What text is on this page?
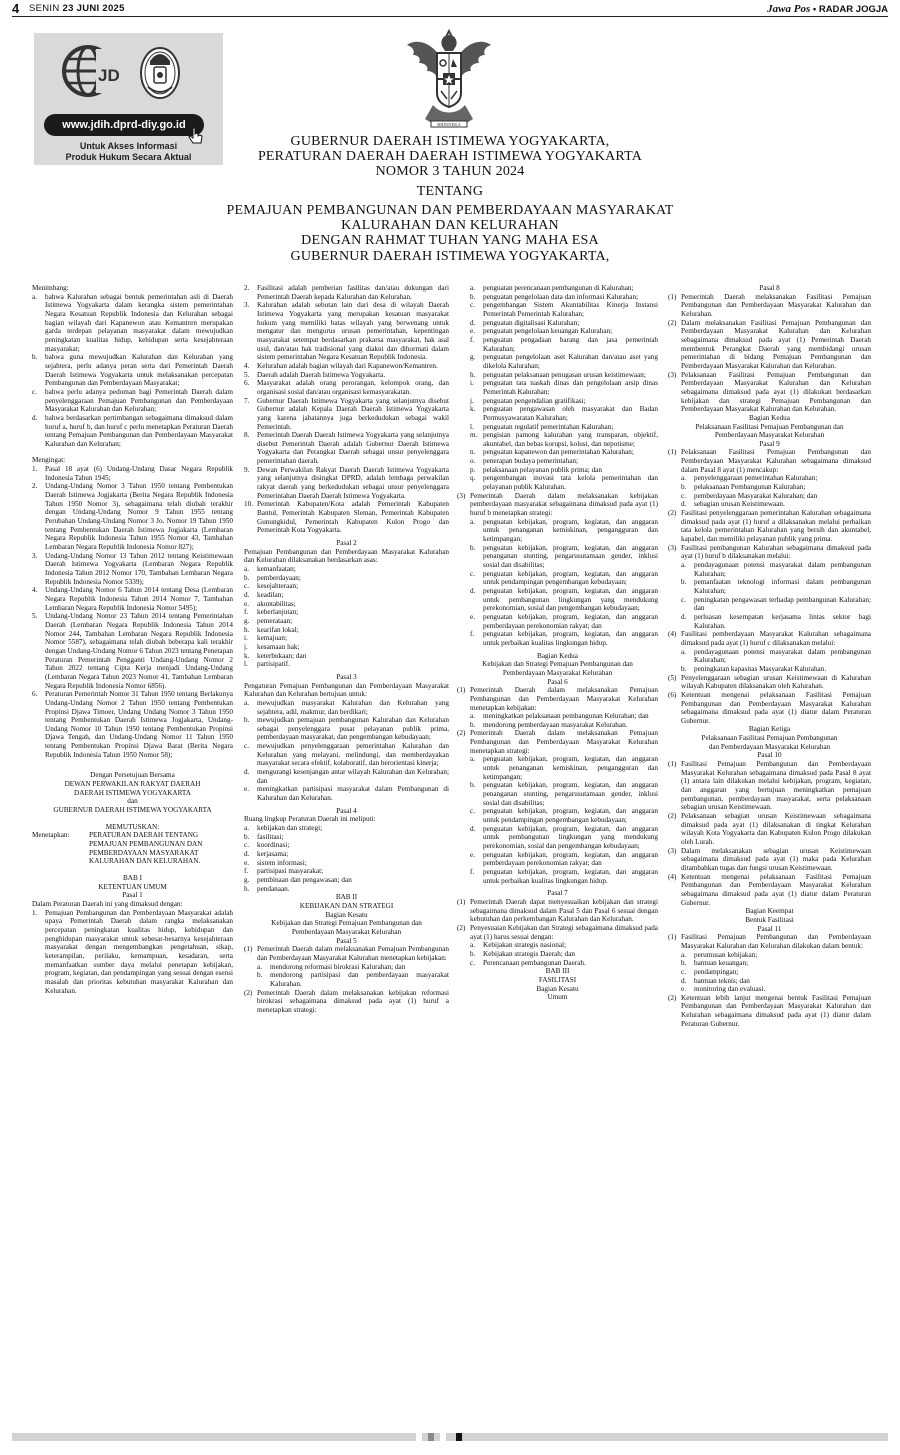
4 SENIN 23 JUNI 2025	Jawa Pos • RADAR JOGJA
JD
www.jdih.dprd-diy.go.id
Untuk Akses Informasi
Produk Hukum Secara Aktual
BHINNEKA
GUBERNUR DAERAH ISTIMEWA YOGYAKARTA,
PERATURAN DAERAH DAERAH ISTIMEWA YOGYAKARTA
NOMOR 3 TAHUN 2024
TENTANG
PEMAJUAN PEMBANGUNAN DAN PEMBERDAYAAN MASYARAKAT
KALURAHAN DAN KELURAHAN
DENGAN RAHMAT TUHAN YANG MAHA ESA
GUBERNUR DAERAH ISTIMEWA YOGYAKARTA,

Menimbang:

a. bahwa Kalurahan sebagai bentuk pemerintahan asli di Daerah Istimewa Yogyakarta dalam kerangka sistem pemerintahan Negara Kesatuan Republik Indonesia dan Kelurahan sebagai bagian wilayah dari Kapanewon atau Kemantren merupakan garda terdepan pelayanan masyarakat dalam mewujudkan peningkatan kualitas hidup, kehidupan serta kesejahteraan masyarakat;
b. bahwa guna mewujudkan Kalurahan dan Kelurahan yang sejahtera, perlu adanya peran serta dari Pemerintah Daerah Daerah Istimewa Yogyakarta untuk melaksanakan percepatan Pembangunan dan Pemberdayaan Masyarakat;
c. bahwa perlu adanya pedoman bagi Pemerintah Daerah dalam penyelenggaraan Pemajuan Pembangunan dan Pemberdayaan Masyarakat Kalurahan dan Kelurahan;
d. bahwa berdasarkan pertimbangan sebagaimana dimaksud dalam huruf a, huruf b, dan huruf c perlu menetapkan Peraturan Daerah tentang Pemajuan Pembangunan dan Pemberdayaan Masyarakat Kalurahan dan Kelurahan;

Mengingat:

1. Pasal 18 ayat (6) Undang-Undang Dasar Negara Republik Indonesia Tahun 1945;
2. Undang-Undang Nomor 3 Tahun 1950 tentang Pembentukan Daerah Istimewa Jogjakarta (Berita Negara Republik Indonesia Tahun 1950 Nomor 3), sebagaimana telah diubah terakhir dengan Undang-Undang Nomor 9 Tahun 1955 tentang Perubahan Undang-Undang Nomor 3 Jo. Nomor 19 Tahun 1950 tentang Pembentukan Daerah Istimewa Jogjakarta (Lembaran Negara Republik Indonesia Tahun 1955 Nomor 43, Tambahan Lembaran Negara Republik Indonesia Nomor 827);
3. Undang-Undang Nomor 13 Tahun 2012 tentang Keistimewaan Daerah Istimewa Yogyakarta (Lembaran Negara Republik Indonesia Tahun 2012 Nomor 170, Tambahan Lembaran Negara Republik Indonesia Nomor 5339);
4. Undang-Undang Nomor 6 Tahun 2014 tentang Desa (Lembaran Negara Republik Indonesia Tahun 2014 Nomor 7, Tambahan Lembaran Negara Republik Indonesia Nomor 5495);
5. Undang-Undang Nomor 23 Tahun 2014 tentang Pemerintahan Daerah (Lembaran Negara Republik Indonesia Tahun 2014 Nomor 244, Tambahan Lembaran Negara Republik Indonesia Nomor 5587), sebagaimana telah diubah beberapa kali terakhir dengan Undang-Undang Nomor 6 Tahun 2023 tentang Penetapan Peraturan Pemerintah Pengganti Undang-Undang Nomor 2 Tahun 2022 tentang Cipta Kerja menjadi Undang-Undang (Lembaran Negara Tahun 2023 Nomor 41, Tambahan Lembaran Negara Republik Indonesia Nomor 6856).
6. Peraturan Pemerintah Nomor 31 Tahun 1950 tentang Berlakunya Undang-Undang Nomor 2 Tahun 1950 tentang Pembentukan Propinsi Djawa Timoer, Undang Undang Nomor 3 Tahun 1950 tentang Pembentukan Daerah Istimewa Jogjakarta, Undang-Undang Nomor 10 Tahun 1950 tentang Pembentukan Propinsi Djawa Tengah, dan Undang-Undang Nomor 11 Tahun 1950 tentang Pembentukan Propinsi Djawa Barat (Berita Negara Republik Indonesia Tahun 1950 Nomor 58);

Dengan Persetujuan Bersama

DEWAN PERWAKILAN RAKYAT DAERAH

DAERAH ISTIMEWA YOGYAKARTA

dan

GUBERNUR DAERAH ISTIMEWA YOGYAKARTA

MEMUTUSKAN:

Menetapkan:	PERATURAN DAERAH TENTANG PEMAJUAN PEMBANGUNAN DAN PEMBERDAYAAN MASYARAKAT KALURAHAN DAN KELURAHAN.

BAB I

KETENTUAN UMUM

Pasal 1

Dalam Peraturan Daerah ini yang dimaksud dengan:

1. Pemajuan Pembangunan dan Pemberdayaan Masyarakat adalah upaya Pemerintah Daerah dalam rangka melaksanakan percepatan peningkatan kualitas hidup, kehidupan dan penghidupan masyarakat untuk sebesar-besarnya kesejahteraan masyarakat dengan mengembangkan pengetahuan, sikap, keterampilan, perilaku, kemampuan, kesadaran, serta memanfaatkan sumber daya melalui penetapan kebijakan, program, kegiatan, dan pendampingan yang sesuai dengan esensi masalah dan prioritas kebutuhan masyarakat Kalurahan dan Kelurahan.
2. Fasilitasi adalah pemberian fasilitas dan/atau dukungan dari Pemerintah Daerah kepada Kalurahan dan Kelurahan.
3. Kalurahan adalah sebutan lain dari desa di wilayah Daerah Istimewa Yogyakarta yang merupakan kesatuan masyarakat hukum yang memiliki batas wilayah yang berwenang untuk mengatur dan mengurus urusan pemerintahan, kepentingan masyarakat setempat berdasarkan prakarsa masyarakat, hak asal usul, dan/atau hak tradisional yang diakui dan dihormati dalam sistem pemerintahan Negara Kesatuan Republik Indonesia.
4. Kelurahan adalah bagian wilayah dari Kapanewon/Kemantren.
5. Daerah adalah Daerah Istimewa Yogyakarta.
6. Masyarakat adalah orang perorangan, kelompok orang, dan organisasi sosial dan/atau organisasi kemasyarakatan.
7. Gubernur Daerah Istimewa Yogyakarta yang selanjutnya disebut Gubernur adalah Kepala Daerah Daerah Istimewa Yogyakarta yang karena jabatannya juga berkedudukan sebagai wakil Pemerintah.
8. Pemerintah Daerah Daerah Istimewa Yogyakarta yang selanjutnya disebut Pemerintah Daerah adalah Gubernur Daerah Istimewa Yogyakarta dan Perangkat Daerah sebagai unsur penyelenggara pemerintahan daerah.
9. Dewan Perwakilan Rakyat Daerah Daerah Istimewa Yogyakarta yang selanjutnya disingkat DPRD, adalah lembaga perwakilan rakyat daerah yang berkedudukan sebagai unsur penyelenggara Pemerintahan Daerah Daerah Istimewa Yogyakarta.
10. Pemerintah Kabupaten/Kota adalah Pemerintah Kabupaten Bantul, Pemerintah Kabupaten Sleman, Pemerintah Kabupaten Gunungkidul, Pemerintah Kabupaten Kulon Progo dan Pemerintah Kota Yogyakarta.

Pasal 2

Pemajuan Pembangunan dan Pemberdayaan Masyarakat Kalurahan dan Kelurahan dilaksanakan berdasarkan asas:

a. kemanfaatan;
b. pemberdayaan;
c. kesejahteraan;
d. keadilan;
e. akuntabilitas;
f. keberlanjutan;
g. pemerataan;
h. kearifan lokal;
i. kemajuan;
j. kesamaan hak;
k. keterbukaan; dan
l. partisipatif.

Pasal 3

Pengaturan Pemajuan Pembangunan dan Pemberdayaan Masyarakat Kalurahan dan Kelurahan bertujuan untuk:

a. mewujudkan masyarakat Kalurahan dan Kelurahan yang sejahtera, adil, makmur, dan berdikari;
b. mewujudkan pemajuan pembangunan Kalurahan dan Kelurahan sebagai penyelenggara pusat pelayanan publik prima, pemberdayaan masyarakat, dan pengembangan kebudayaan;
c. mewujudkan penyelenggaraan pemerintahan Kalurahan dan Kelurahan yang melayani, melindungi, dan memberdayakan masyarakat secara efektif, kolaboratif, dan berorientasi kinerja;
d. mengurangi kesenjangan antar wilayah Kalurahan dan Kelurahan; dan
e. meningkatkan partisipasi masyarakat dalam Pembangunan di Kalurahan dan Kelurahan.

Pasal 4

Ruang lingkup Peraturan Daerah ini meliputi:

a. kebijakan dan strategi;
b. fasilitasi;
c. koordinasi;
d. kerjasama;
e. sistem informasi;
f. partisipasi masyarakat;
g. pembinaan dan pengawasan; dan
h. pendanaan.

BAB II

KEBIJAKAN DAN STRATEGI

Bagian Kesatu

Kebijakan dan Strategi Pemajuan Pembangunan dan

Pemberdayaan Masyarakat Kelurahan

Pasal 5

(1) Pemerintah Daerah dalam melaksanakan Pemajuan Pembangunan dan Pemberdayaan Masyarakat Kalurahan menetapkan kebijakan:
a. mendorong reformasi birokrasi Kalurahan; dan
b. mendorong partisipasi dan pemberdayaan masyarakat Kalurahan.
(2) Pemerintah Daerah dalam melaksanakan kebijakan reformasi birokrasi sebagaimana dimaksud pada ayat (1) huruf a menetapkan strategi:
a. penguatan perencanaan pembangunan di Kalurahan;
b. penguatan pengelolaan data dan informasi Kalurahan;
c. pengembangan Sistem Akuntabilitas Kinerja Instansi Pemerintah Pemerintah Kalurahan;
d. penguatan digitalisasi Kalurahan;
e. penguatan pengelolaan keuangan Kalurahan;
f. penguatan pengadaan barang dan jasa pemerintah Kalurahan;
g. penguatan pengelolaan aset Kalurahan dan/atau aset yang dikelola Kalurahan;
h. penguatan pelaksanaan penugasan urusan keistimewaan;
i. penguatan tata naskah dinas dan pengelolaan arsip dinas Pemerintah Kalurahan;
j. penguatan pengendalian gratifikasi;
k. penguatan pengawasan oleh masyarakat dan Badan Permusyawaratan Kalurahan;
l. penguatan regulatif pemerintahan Kalurahan;
m. pengisian pamong kalurahan yang transparan, objektif, akuntabel, dan bebas korupsi, kolusi, dan nepotisme;
n. penguatan kapanewon dan pemerintahan Kalurahan;
o. penerapan budaya pemerintahan;
p. pelaksanaan pelayanan publik prima; dan
q. pengembangan inovasi tata kelola pemerintahan dan pelayanan publik Kalurahan.
(3) Pemerintah Daerah dalam melaksanakan kebijakan pemberdayaan masyarakat sebagaimana dimaksud pada ayat (1) huruf b menetapkan strategi:
a. penguatan kebijakan, program, kegiatan, dan anggaran untuk penanganan kemiskinan, pengangguran dan ketimpangan;
b. penguatan kebijakan, program, kegiatan, dan anggaran penanganan stunting, pengarusutamaan gender, inklusi sosial dan disabilitas;
c. penguatan kebijakan, program, kegiatan, dan anggaran untuk pendampingan pengembangan kebudayaan;
d. penguatan kebijakan, program, kegiatan, dan anggaran untuk pembangunan lingkungan yang mendukung perekonomian, sosial dan pengembangan kebudayaan;
e. penguatan kebijakan, program, kegiatan, dan anggaran pemberdayaan perekonomian rakyat; dan
f. penguatan kebijakan, program, kegiatan, dan anggaran untuk perbaikan kualitas lingkungan hidup.

Bagian Kedua

Kebijakan dan Strategi Pemajuan Pembangunan dan

Pemberdayaan Masyarakat Kelurahan

Pasal 6

(1) Pemerintah Daerah dalam melaksanakan Pemajuan Pembangunan dan Pemberdayaan Masyarakat Kelurahan menetapkan kebijakan:
a. meningkatkan pelaksanaan pembangunan Kelurahan; dan
b. mendorong pemberdayaan masyarakat Kelurahan.
(2) Pemerintah Daerah dalam melaksanakan Pemajuan Pembangunan dan Pemberdayaan Masyarakat Kelurahan menetapkan strategi:
a. penguatan kebijakan, program, kegiatan, dan anggaran untuk penanganan kemiskinan, pengangguran dan ketimpangan;
b. penguatan kebijakan, program, kegiatan, dan anggaran penanganan stunting, pengarusutamaan gender, inklusi sosial dan disabilitas;
c. penguatan kebijakan, program, kegiatan, dan anggaran untuk pendampingan pengembangan kebudayaan;
d. penguatan kebijakan, program, kegiatan, dan anggaran untuk pembangunan lingkungan yang mendukung perekonomian, sosial dan pengembangan kebudayaan;
e. penguatan kebijakan, program, kegiatan, dan anggaran pemberdayaan perekonomian rakyat; dan
f. penguatan kebijakan, program, kegiatan, dan anggaran untuk perbaikan kualitas lingkungan hidup.

Pasal 7

(1) Pemerintah Daerah dapat menyesuaikan kebijakan dan strategi sebagaimana dimaksud dalam Pasal 5 dan Pasal 6 sesuai dengan kebutuhan dan perkembangan Kalurahan dan Kelurahan.
(2) Penyesuaian Kebijakan dan Strategi sebagaimana dimaksud pada ayat (1) harus sesuai dengan:
a. Kebijakan strategis nasional;
b. Kebijakan strategis Daerah; dan
c. Perencanaan pembangunan Daerah.

BAB III

FASILITASI

Bagian Kesatu

Umum

Pasal 8

(1) Pemerintah Daerah melaksanakan Fasilitasi Pemajuan Pembangunan dan Pemberdayaan Masyarakat Kalurahan dan Kelurahan.
(2) Dalam melaksanakan Fasilitasi Pemajuan Pembangunan dan Pemberdayaan Masyarakat Kalurahan dan Kelurahan sebagaimana dimaksud pada ayat (1) Pemerintah Daerah membentuk Perangkat Daerah yang membidangi urusan pemerintahan di bidang Pemajuan Pembangunan dan Pemberdayaan Masyarakat Kalurahan dan Kelurahan.
(3) Pelaksanaan Fasilitasi Pemajuan Pembangunan dan Pemberdayaan Masyarakat Kalurahan dan Kelurahan sebagaimana dimaksud pada ayat (1) dilakukan berdasarkan kebijakan dan strategi Pemajuan Pembangunan dan Pemberdayaan Masyarakat Kalurahan dan Kelurahan.

Bagian Kedua

Pelaksanaan Fasilitasi Pemajuan Pembangunan dan

Pemberdayaan Masyarakat Kelurahan

Pasal 9

(1) Pelaksanaan Fasilitasi Pemajuan Pembangunan dan Pemberdayaan Masyarakat Kalurahan sebagaimana dimaksud dalam Pasal 8 ayat (1) mencakup:
a. penyelenggaraan pemerintahan Kalurahan;
b. pelaksanaan Pembangunan Kalurahan;
c. pemberdayaan Masyarakat Kalurahan; dan
d. sebagian urusan Keistimewaan.
(2) Fasilitasi penyelenggaraan pemerintahan Kalurahan sebagaimana dimaksud pada ayat (1) huruf a dilaksanakan melalui perbaikan tata kelola pemerintahan Kalurahan yang bersih dan akuntabel, kapabel, dan memiliki pelayanan publik yang prima.
(3) Fasilitasi pembangunan Kalurahan sebagaimana dimaksud pada ayat (1) huruf b dilaksanakan melalui:
a. pendayagunaan potensi masyarakat dalam pembangunan Kalurahan;
b. pemanfaatan teknologi informasi dalam pembangunan Kalurahan;
c. peningkatan pengawasan terhadap pembangunan Kalurahan; dan
d. perluasan kesempatan kerjasama lintas sektor bagi Kalurahan.
(4) Fasilitasi pemberdayaan Masyarakat Kalurahan sebagaimana dimaksud pada ayat (1) huruf c dilaksanakan melalui:
a. pendayagunaan potensi masyarakat dalam pembangunan Kalurahan;
b. peningkatan kapasitas Masyarakat Kalurahan.
(5) Penyelenggaraan sebagian urusan Keistimewaan di Kalurahan wilayah Kabupaten dilaksanakan oleh Kalurahan.
(6) Ketentuan mengenai pelaksanaan Fasilitasi Pemajuan Pembangunan dan Pemberdayaan Masyarakat Kalurahan sebagaimana dimaksud pada ayat (1) diatur dalam Peraturan Gubernur.

Bagian Ketiga

Pelaksanaan Fasilitasi Pemajuan Pembangunan

dan Pemberdayaan Masyarakat Kelurahan

Pasal 10

(1) Fasilitasi Pemajuan Pembangunan dan Pemberdayaan Masyarakat Kelurahan sebagaimana dimaksud pada Pasal 8 ayat (1) antara lain dilakukan melalui kebijakan, program, kegiatan, dan anggaran yang bertujuan meningkatkan pemajuan pembangunan, pemberdayaan masyarakat, serta pelaksanaan sebagian urusan Keistimewaan.
(2) Pelaksanaan sebagian urusan Keistimewaan sebagaimana dimaksud pada ayat (1) dilaksanakan di tingkat Kelurahan wilayah Kota Yogyakarta dan Kabupaten Kulon Progo dilakukan oleh Lurah.
(3) Dalam melaksanakan sebagian urusan Keistimewaan sebagaimana dimaksud pada ayat (1) maka pada Kelurahan ditambahkan tugas dan fungsi urusan Keistimewaan.
(4) Ketentuan mengenai pelaksanaan Fasilitasi Pemajuan Pembangunan dan Pemberdayaan Masyarakat Kelurahan sebagaimana dimaksud pada ayat (1) diatur dalam Peraturan Gubernur.

Bagian Keempat

Bentuk Fasilitasi

Pasal 11

(1) Fasilitasi Pemajuan Pembangunan dan Pemberdayaan Masyarakat Kalurahan dan Kelurahan dilakukan dalam bentuk:
a. perumusan kebijakan;
b. bantuan keuangan;
c. pendampingan;
d. bantuan teknis; dan
e. monitoring dan evaluasi.
(2) Ketentuan lebih lanjut mengenai bentuk Fasilitasi Pemajuan Pembangunan dan Pemberdayaan Masyarakat Kalurahan dan Kelurahan sebagaimana dimaksud pada ayat (1) diatur dalam Peraturan Gubernur.
